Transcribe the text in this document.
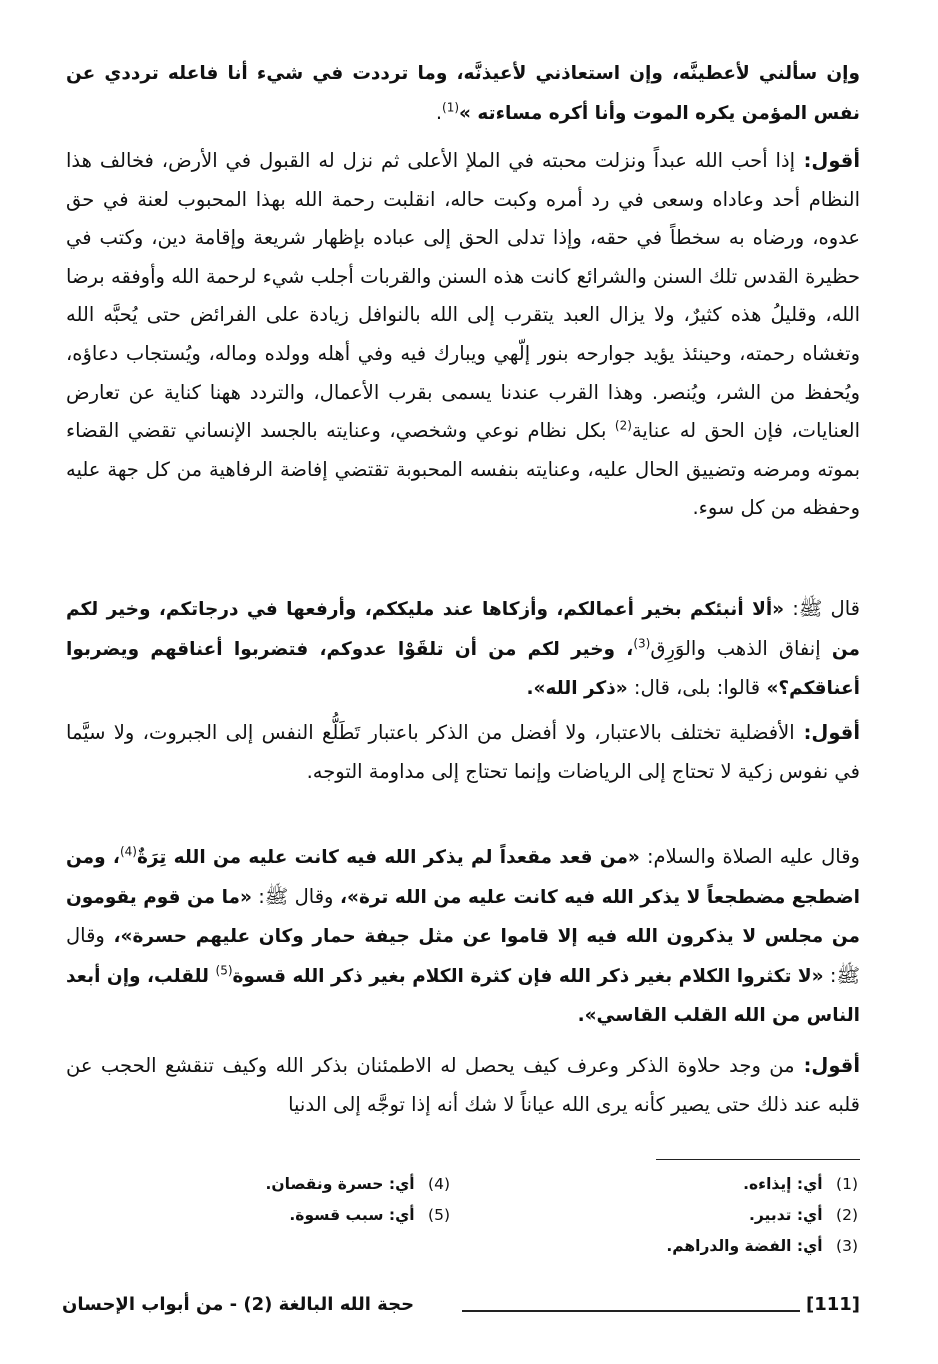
وإن سألني لأعطينَّه، وإن استعاذني لأعيذنَّه، وما ترددت في شيء أنا فاعله ترددي عن نفس المؤمن يكره الموت وأنا أكره مساءته »$^{(1)}$.

أقول: إذا أحب الله عبداً ونزلت محبته في الملإ الأعلى ثم نزل له القبول في الأرض، فخالف هذا النظام أحد وعاداه وسعى في رد أمره وكبت حاله، انقلبت رحمة الله بهذا المحبوب لعنة في حق عدوه، ورضاه به سخطاً في حقه، وإذا تدلى الحق إلى عباده بإظهار شريعة وإقامة دين، وكتب في حظيرة القدس تلك السنن والشرائع كانت هذه السنن والقربات أجلب شيء لرحمة الله وأوفقه برضا الله، وقليلُ هذه كثيرٌ، ولا يزال العبد يتقرب إلى الله بالنوافل زيادة على الفرائض حتى يُحبَّه الله وتغشاه رحمته، وحينئذ يؤيد جوارحه بنور إلّهي ويبارك فيه وفي أهله وولده وماله، ويُستجاب دعاؤه، ويُحفظ من الشر، ويُنصر. وهذا القرب عندنا يسمى بقرب الأعمال، والتردد ههنا كناية عن تعارض العنايات، فإن الحق له عناية$^{(2)}$ بكل نظام نوعي وشخصي، وعنايته بالجسد الإنساني تقضي القضاء بموته ومرضه وتضييق الحال عليه، وعنايته بنفسه المحبوبة تقتضي إفاضة الرفاهية من كل جهة عليه وحفظه من كل سوء.

قال ﷺ: «ألا أنبئكم بخير أعمالكم، وأزكاها عند مليككم، وأرفعها في درجاتكم، وخير لكم من إنفاق الذهب والوَرِق$^{(3)}$، وخير لكم من أن تلقَوْا عدوكم، فتضربوا أعناقهم ويضربوا أعناقكم؟» قالوا: بلى، قال: «ذكر الله».

أقول: الأفضلية تختلف بالاعتبار، ولا أفضل من الذكر باعتبار تَطَلُّع النفس إلى الجبروت، ولا سيَّما في نفوس زكية لا تحتاج إلى الرياضات وإنما تحتاج إلى مداومة التوجه.

وقال عليه الصلاة والسلام: «من قعد مقعداً لم يذكر الله فيه كانت عليه من الله تِرَةٌ$^{(4)}$، ومن اضطجع مضطجعاً لا يذكر الله فيه كانت عليه من الله ترة»، وقال ﷺ: «ما من قوم يقومون من مجلس لا يذكرون الله فيه إلا قاموا عن مثل جيفة حمار وكان عليهم حسرة»، وقال ﷺ: «لا تكثروا الكلام بغير ذكر الله فإن كثرة الكلام بغير ذكر الله قسوة$^{(5)}$ للقلب، وإن أبعد الناس من الله القلب القاسي».

أقول: من وجد حلاوة الذكر وعرف كيف يحصل له الاطمئنان بذكر الله وكيف تنقشع الحجب عن قلبه عند ذلك حتى يصير كأنه يرى الله عياناً لا شك أنه إذا توجَّه إلى الدنيا

(1) أي: إيذاءه.
(2) أي: تدبير.
(3) أي: الفضة والدراهم.
(4) أي: حسرة ونقصان.
(5) أي: سبب قسوة.
[111]
حجة الله البالغة (2) - من أبواب الإحسان
